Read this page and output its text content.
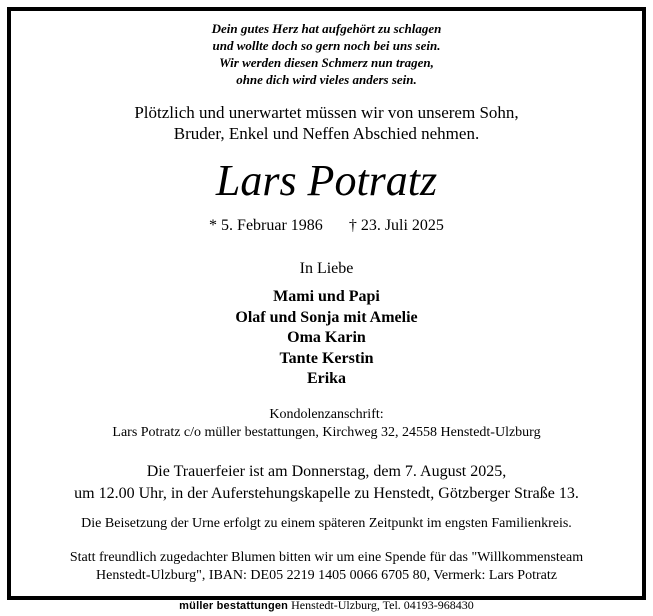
Dein gutes Herz hat aufgehört zu schlagen
und wollte doch so gern noch bei uns sein.
Wir werden diesen Schmerz nun tragen,
ohne dich wird vieles anders sein.
Plötzlich und unerwartet müssen wir von unserem Sohn,
Bruder, Enkel und Neffen Abschied nehmen.
Lars Potratz
* 5. Februar 1986 † 23. Juli 2025
In Liebe
Mami und Papi
Olaf und Sonja mit Amelie
Oma Karin
Tante Kerstin
Erika
Kondolenzanschrift:
Lars Potratz c/o müller bestattungen, Kirchweg 32, 24558 Henstedt-Ulzburg
Die Trauerfeier ist am Donnerstag, dem 7. August 2025,
um 12.00 Uhr, in der Auferstehungskapelle zu Henstedt, Götzberger Straße 13.
Die Beisetzung der Urne erfolgt zu einem späteren Zeitpunkt im engsten Familienkreis.
Statt freundlich zugedachter Blumen bitten wir um eine Spende für das "Willkommensteam
Henstedt-Ulzburg", IBAN: DE05 2219 1405 0066 6705 80, Vermerk: Lars Potratz
müller bestattungen Henstedt-Ulzburg, Tel. 04193-968430
